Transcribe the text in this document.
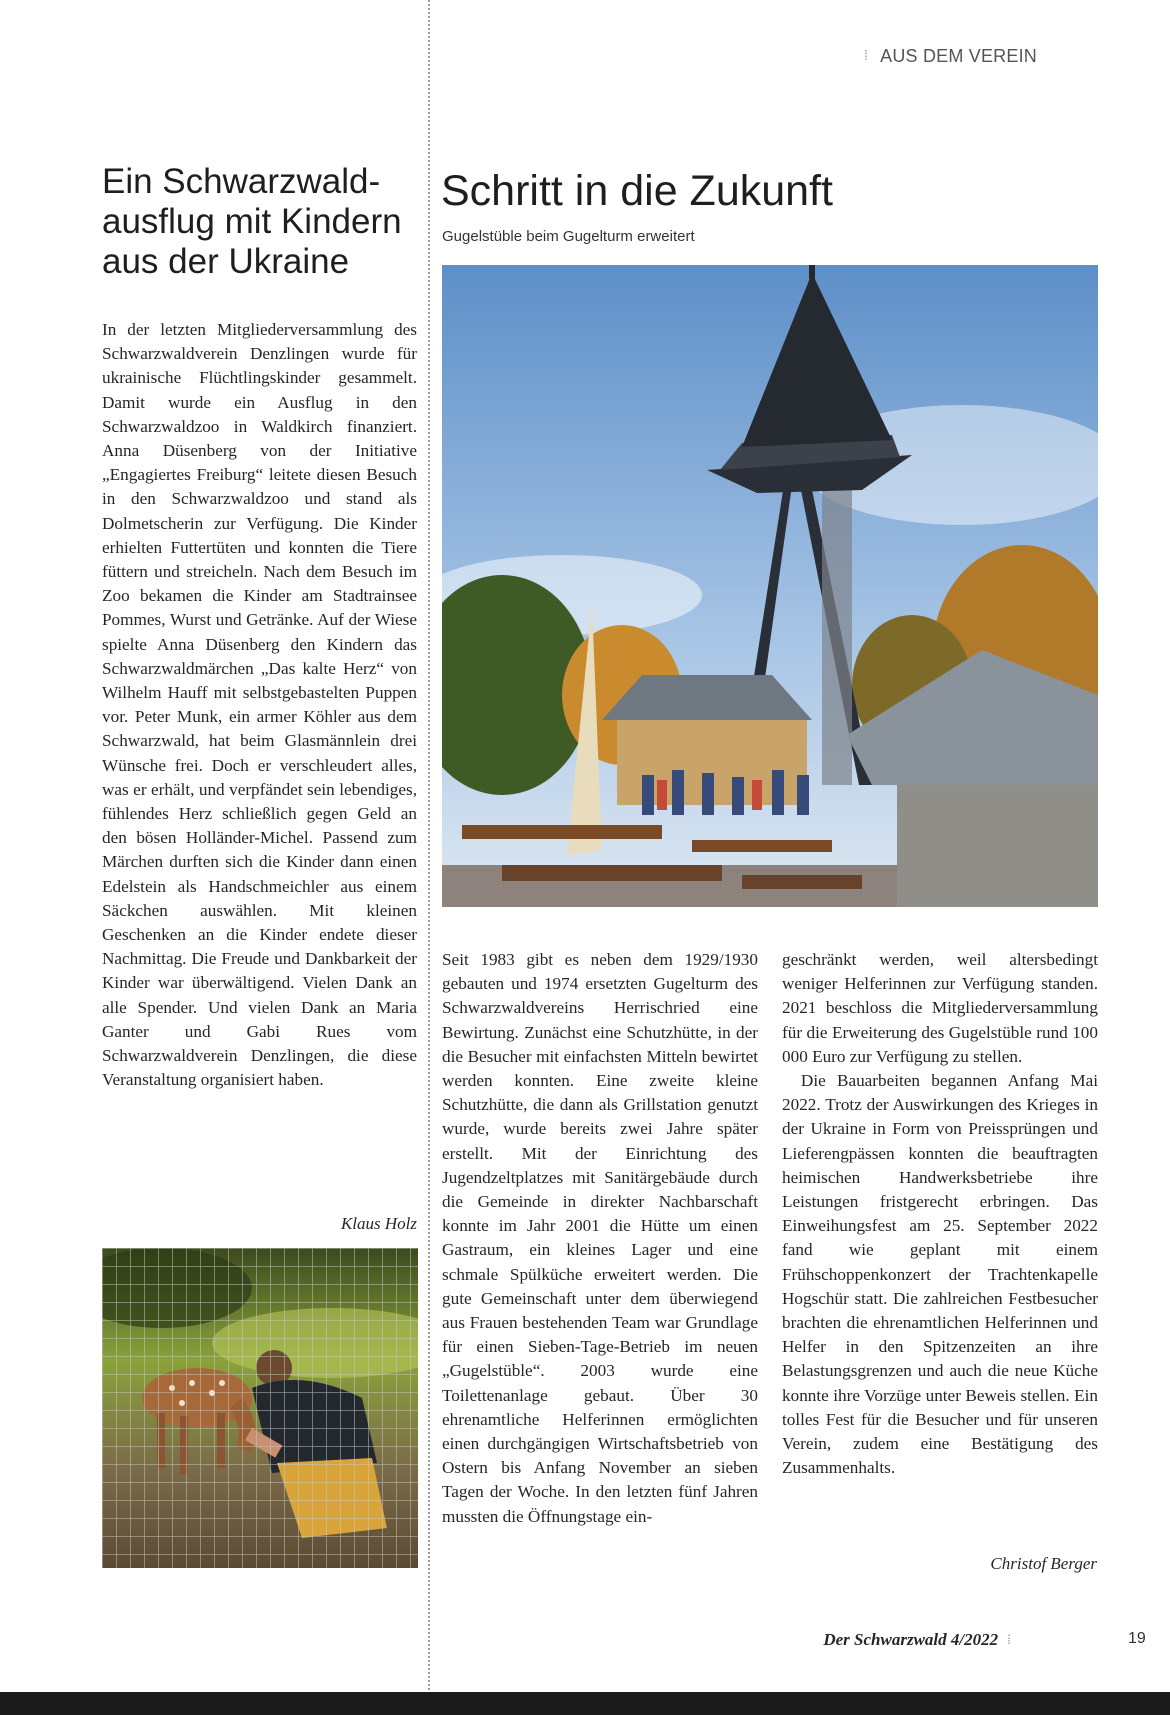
⁞ AUS DEM VEREIN
Ein Schwarzwald-
ausflug mit Kindern
aus der Ukraine

In der letzten Mitgliederversammlung des Schwarzwaldverein Denzlingen wurde für ukrainische Flüchtlingskinder gesammelt. Damit wurde ein Ausflug in den Schwarzwaldzoo in Waldkirch finanziert. Anna Düsenberg von der Initiative „Engagiertes Freiburg“ leitete diesen Besuch in den Schwarzwaldzoo und stand als Dolmetscherin zur Verfügung. Die Kinder erhielten Futtertüten und konnten die Tiere füttern und streicheln. Nach dem Besuch im Zoo bekamen die Kinder am Stadtrainsee Pommes, Wurst und Getränke. Auf der Wiese spielte Anna Düsenberg den Kindern das Schwarzwaldmärchen „Das kalte Herz“ von Wilhelm Hauff mit selbstgebastelten Puppen vor. Peter Munk, ein armer Köhler aus dem Schwarzwald, hat beim Glasmännlein drei Wünsche frei. Doch er verschleudert alles, was er erhält, und verpfändet sein lebendiges, fühlendes Herz schließlich gegen Geld an den bösen Holländer-Michel. Passend zum Märchen durften sich die Kinder dann einen Edelstein als Handschmeichler aus einem Säckchen auswählen. Mit kleinen Geschenken an die Kinder endete dieser Nachmittag. Die Freude und Dankbarkeit der Kinder war überwältigend. Vielen Dank an alle Spender. Und vielen Dank an Maria Ganter und Gabi Rues vom Schwarzwaldverein Denzlingen, die diese Veranstaltung organisiert haben.

Klaus Holz
Schritt in die Zukunft
Gugelstüble beim Gugelturm erweitert

Seit 1983 gibt es neben dem 1929/1930 gebauten und 1974 ersetzten Gugelturm des Schwarzwaldvereins Herrischried eine Bewirtung. Zunächst eine Schutzhütte, in der die Besucher mit einfachsten Mitteln bewirtet werden konnten. Eine zweite kleine Schutzhütte, die dann als Grillstation genutzt wurde, wurde bereits zwei Jahre später erstellt. Mit der Einrichtung des Jugendzeltplatzes mit Sanitärgebäude durch die Gemeinde in direkter Nachbarschaft konnte im Jahr 2001 die Hütte um einen Gastraum, ein kleines Lager und eine schmale Spülküche erweitert werden. Die gute Gemeinschaft unter dem überwiegend aus Frauen bestehenden Team war Grundlage für einen Sieben-Tage-Betrieb im neuen „Gugelstüble“. 2003 wurde eine Toilettenanlage gebaut. Über 30 ehrenamtliche Helferinnen ermöglichten einen durchgängigen Wirtschaftsbetrieb von Ostern bis Anfang November an sieben Tagen der Woche. In den letzten fünf Jahren mussten die Öffnungstage ein-

geschränkt werden, weil altersbedingt weniger Helferinnen zur Verfügung standen. 2021 beschloss die Mitgliederversammlung für die Erweiterung des Gugelstüble rund 100 000 Euro zur Verfügung zu stellen.

Die Bauarbeiten begannen Anfang Mai 2022. Trotz der Auswirkungen des Krieges in der Ukraine in Form von Preissprüngen und Lieferengpässen konnten die beauftragten heimischen Handwerksbetriebe ihre Leistungen fristgerecht erbringen. Das Einweihungsfest am 25. September 2022 fand wie geplant mit einem Frühschoppenkonzert der Trachtenkapelle Hogschür statt. Die zahlreichen Festbesucher brachten die ehrenamtlichen Helferinnen und Helfer in den Spitzenzeiten an ihre Belastungsgrenzen und auch die neue Küche konnte ihre Vorzüge unter Beweis stellen. Ein tolles Fest für die Besucher und für unseren Verein, zudem eine Bestätigung des Zusammenhalts.

Christof Berger
Der Schwarzwald 4/2022 ⁞	19
